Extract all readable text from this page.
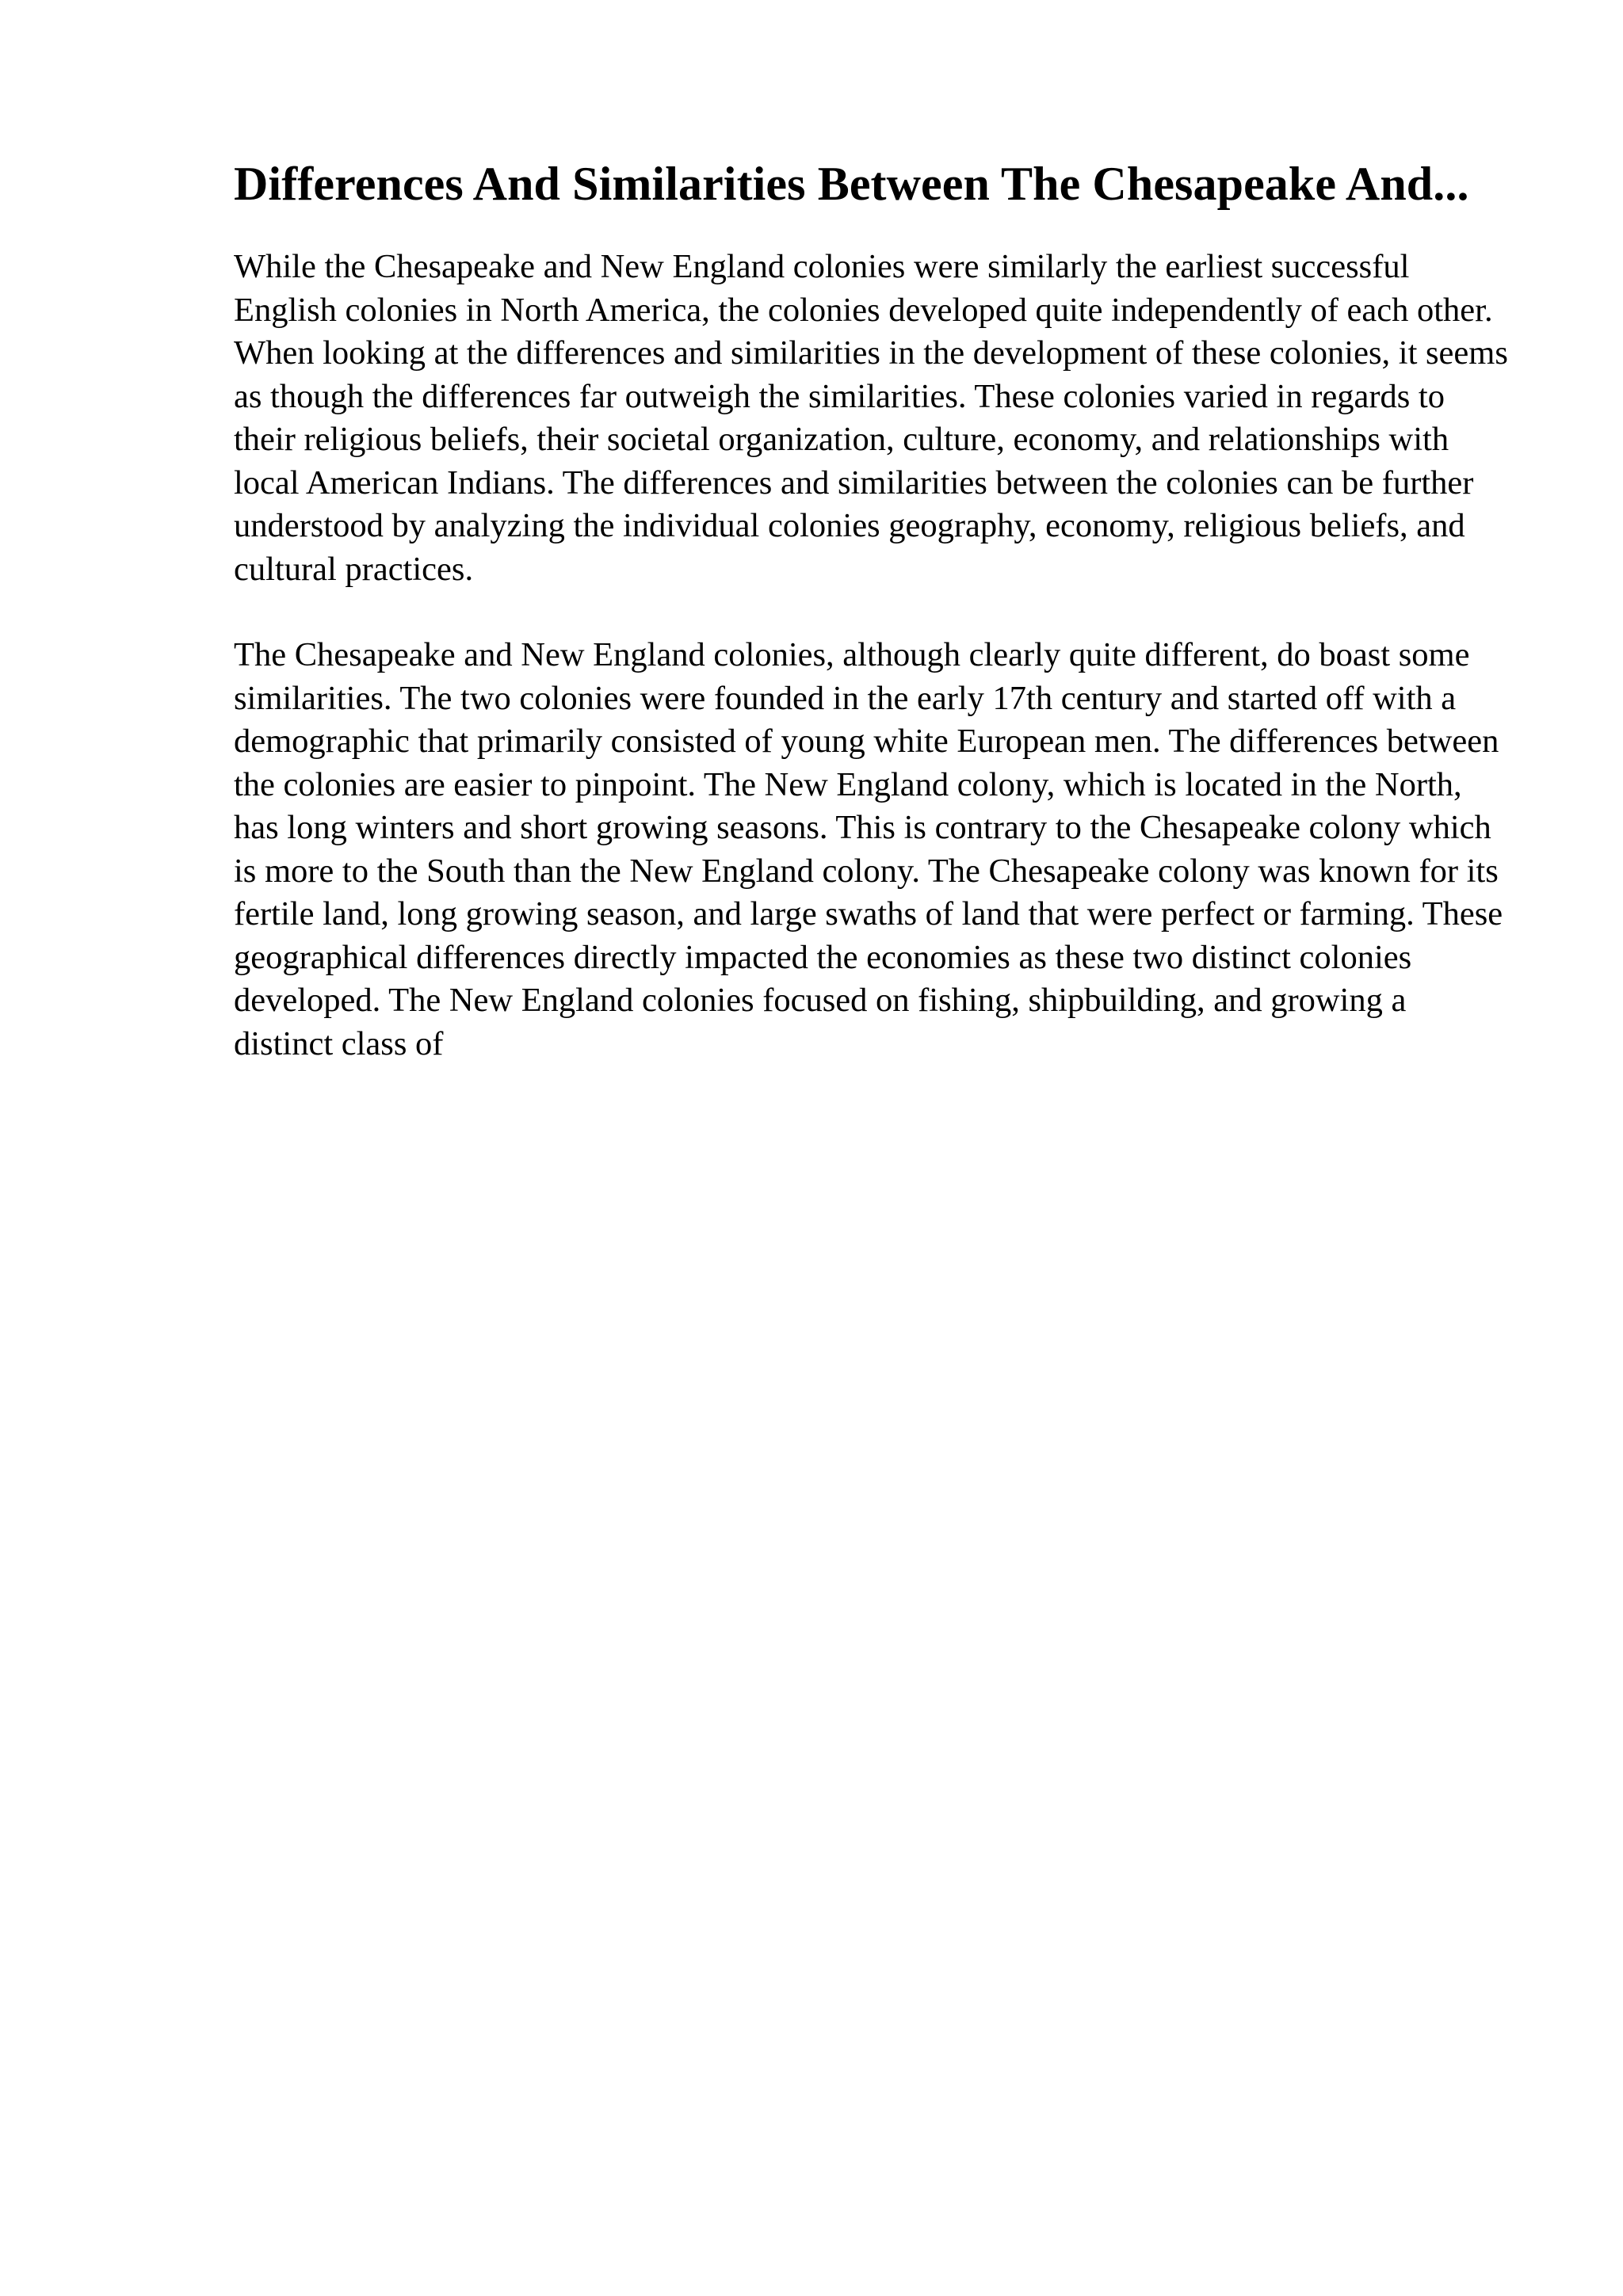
Differences And Similarities Between The Chesapeake And...

While the Chesapeake and New England colonies were similarly the earliest successful English colonies in North America, the colonies developed quite independently of each other. When looking at the differences and similarities in the development of these colonies, it seems as though the differences far outweigh the similarities. These colonies varied in regards to their religious beliefs, their societal organization, culture, economy, and relationships with local American Indians. The differences and similarities between the colonies can be further understood by analyzing the individual colonies geography, economy, religious beliefs, and cultural practices.

The Chesapeake and New England colonies, although clearly quite different, do boast some similarities. The two colonies were founded in the early 17th century and started off with a demographic that primarily consisted of young white European men. The differences between the colonies are easier to pinpoint. The New England colony, which is located in the North, has long winters and short growing seasons. This is contrary to the Chesapeake colony which is more to the South than the New England colony. The Chesapeake colony was known for its fertile land, long growing season, and large swaths of land that were perfect or farming. These geographical differences directly impacted the economies as these two distinct colonies developed. The New England colonies focused on fishing, shipbuilding, and growing a distinct class of
